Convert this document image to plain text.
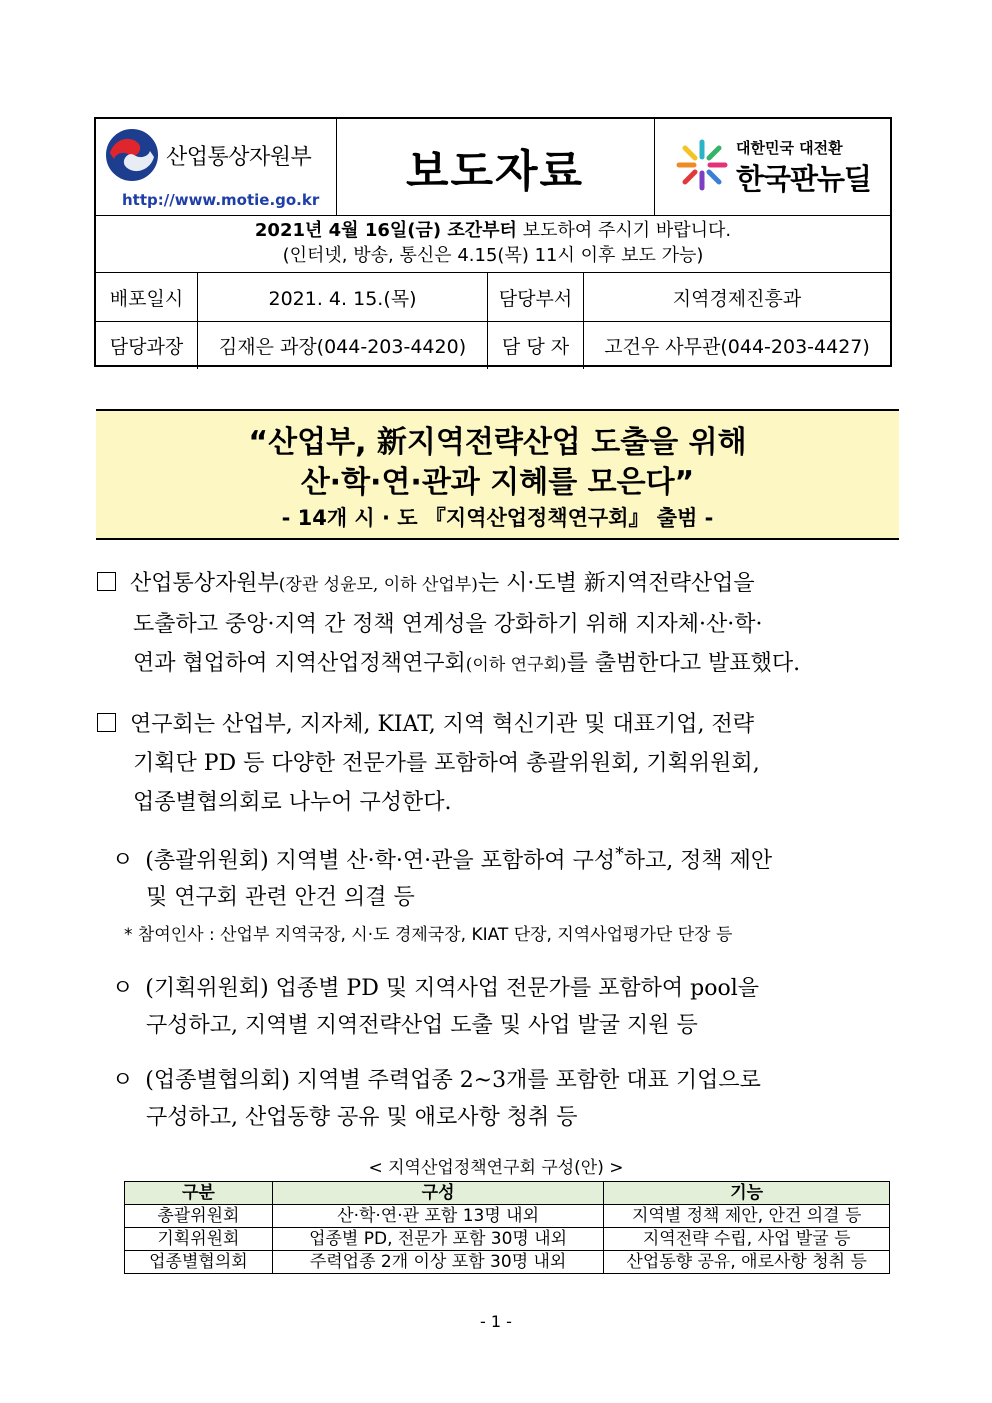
산업통상자원부
http://www.motie.go.kr
보도자료	대한민국 대전환
한국판뉴딜
2021년 4월 16일(금) 조간부터 보도하여 주시기 바랍니다.
(인터넷, 방송, 통신은 4.15(목) 11시 이후 보도 가능)
배포일시	2021. 4. 15.(목)	담당부서	지역경제진흥과
담당과장	김재은 과장(044-203-4420)	담 당 자	고건우 사무관(044-203-4427)
“산업부, 新지역전략산업 도출을 위해
산·학·연·관과 지혜를 모은다”
- 14개 시 · 도 『지역산업정책연구회』 출범 -
산업통상자원부(장관 성윤모, 이하 산업부)는 시·도별 新지역전략산업을
도출하고 중앙·지역 간 정책 연계성을 강화하기 위해 지자체·산·학·
연과 협업하여 지역산업정책연구회(이하 연구회)를 출범한다고 발표했다.
연구회는 산업부, 지자체, KIAT, 지역 혁신기관 및 대표기업, 전략
기획단 PD 등 다양한 전문가를 포함하여 총괄위원회, 기획위원회,
업종별협의회로 나누어 구성한다.
ㅇ (총괄위원회) 지역별 산·학·연·관을 포함하여 구성*하고, 정책 제안
및 연구회 관련 안건 의결 등
* 참여인사 : 산업부 지역국장, 시·도 경제국장, KIAT 단장, 지역사업평가단 단장 등
ㅇ (기획위원회) 업종별 PD 및 지역사업 전문가를 포함하여 pool을
구성하고, 지역별 지역전략산업 도출 및 사업 발굴 지원 등
ㅇ (업종별협의회) 지역별 주력업종 2~3개를 포함한 대표 기업으로
구성하고, 산업동향 공유 및 애로사항 청취 등
< 지역산업정책연구회 구성(안) >
구분	구성	기능
총괄위원회	산·학·연·관 포함 13명 내외	지역별 정책 제안, 안건 의결 등
기획위원회	업종별 PD, 전문가 포함 30명 내외	지역전략 수립, 사업 발굴 등
업종별협의회	주력업종 2개 이상 포함 30명 내외	산업동향 공유, 애로사항 청취 등
- 1 -
